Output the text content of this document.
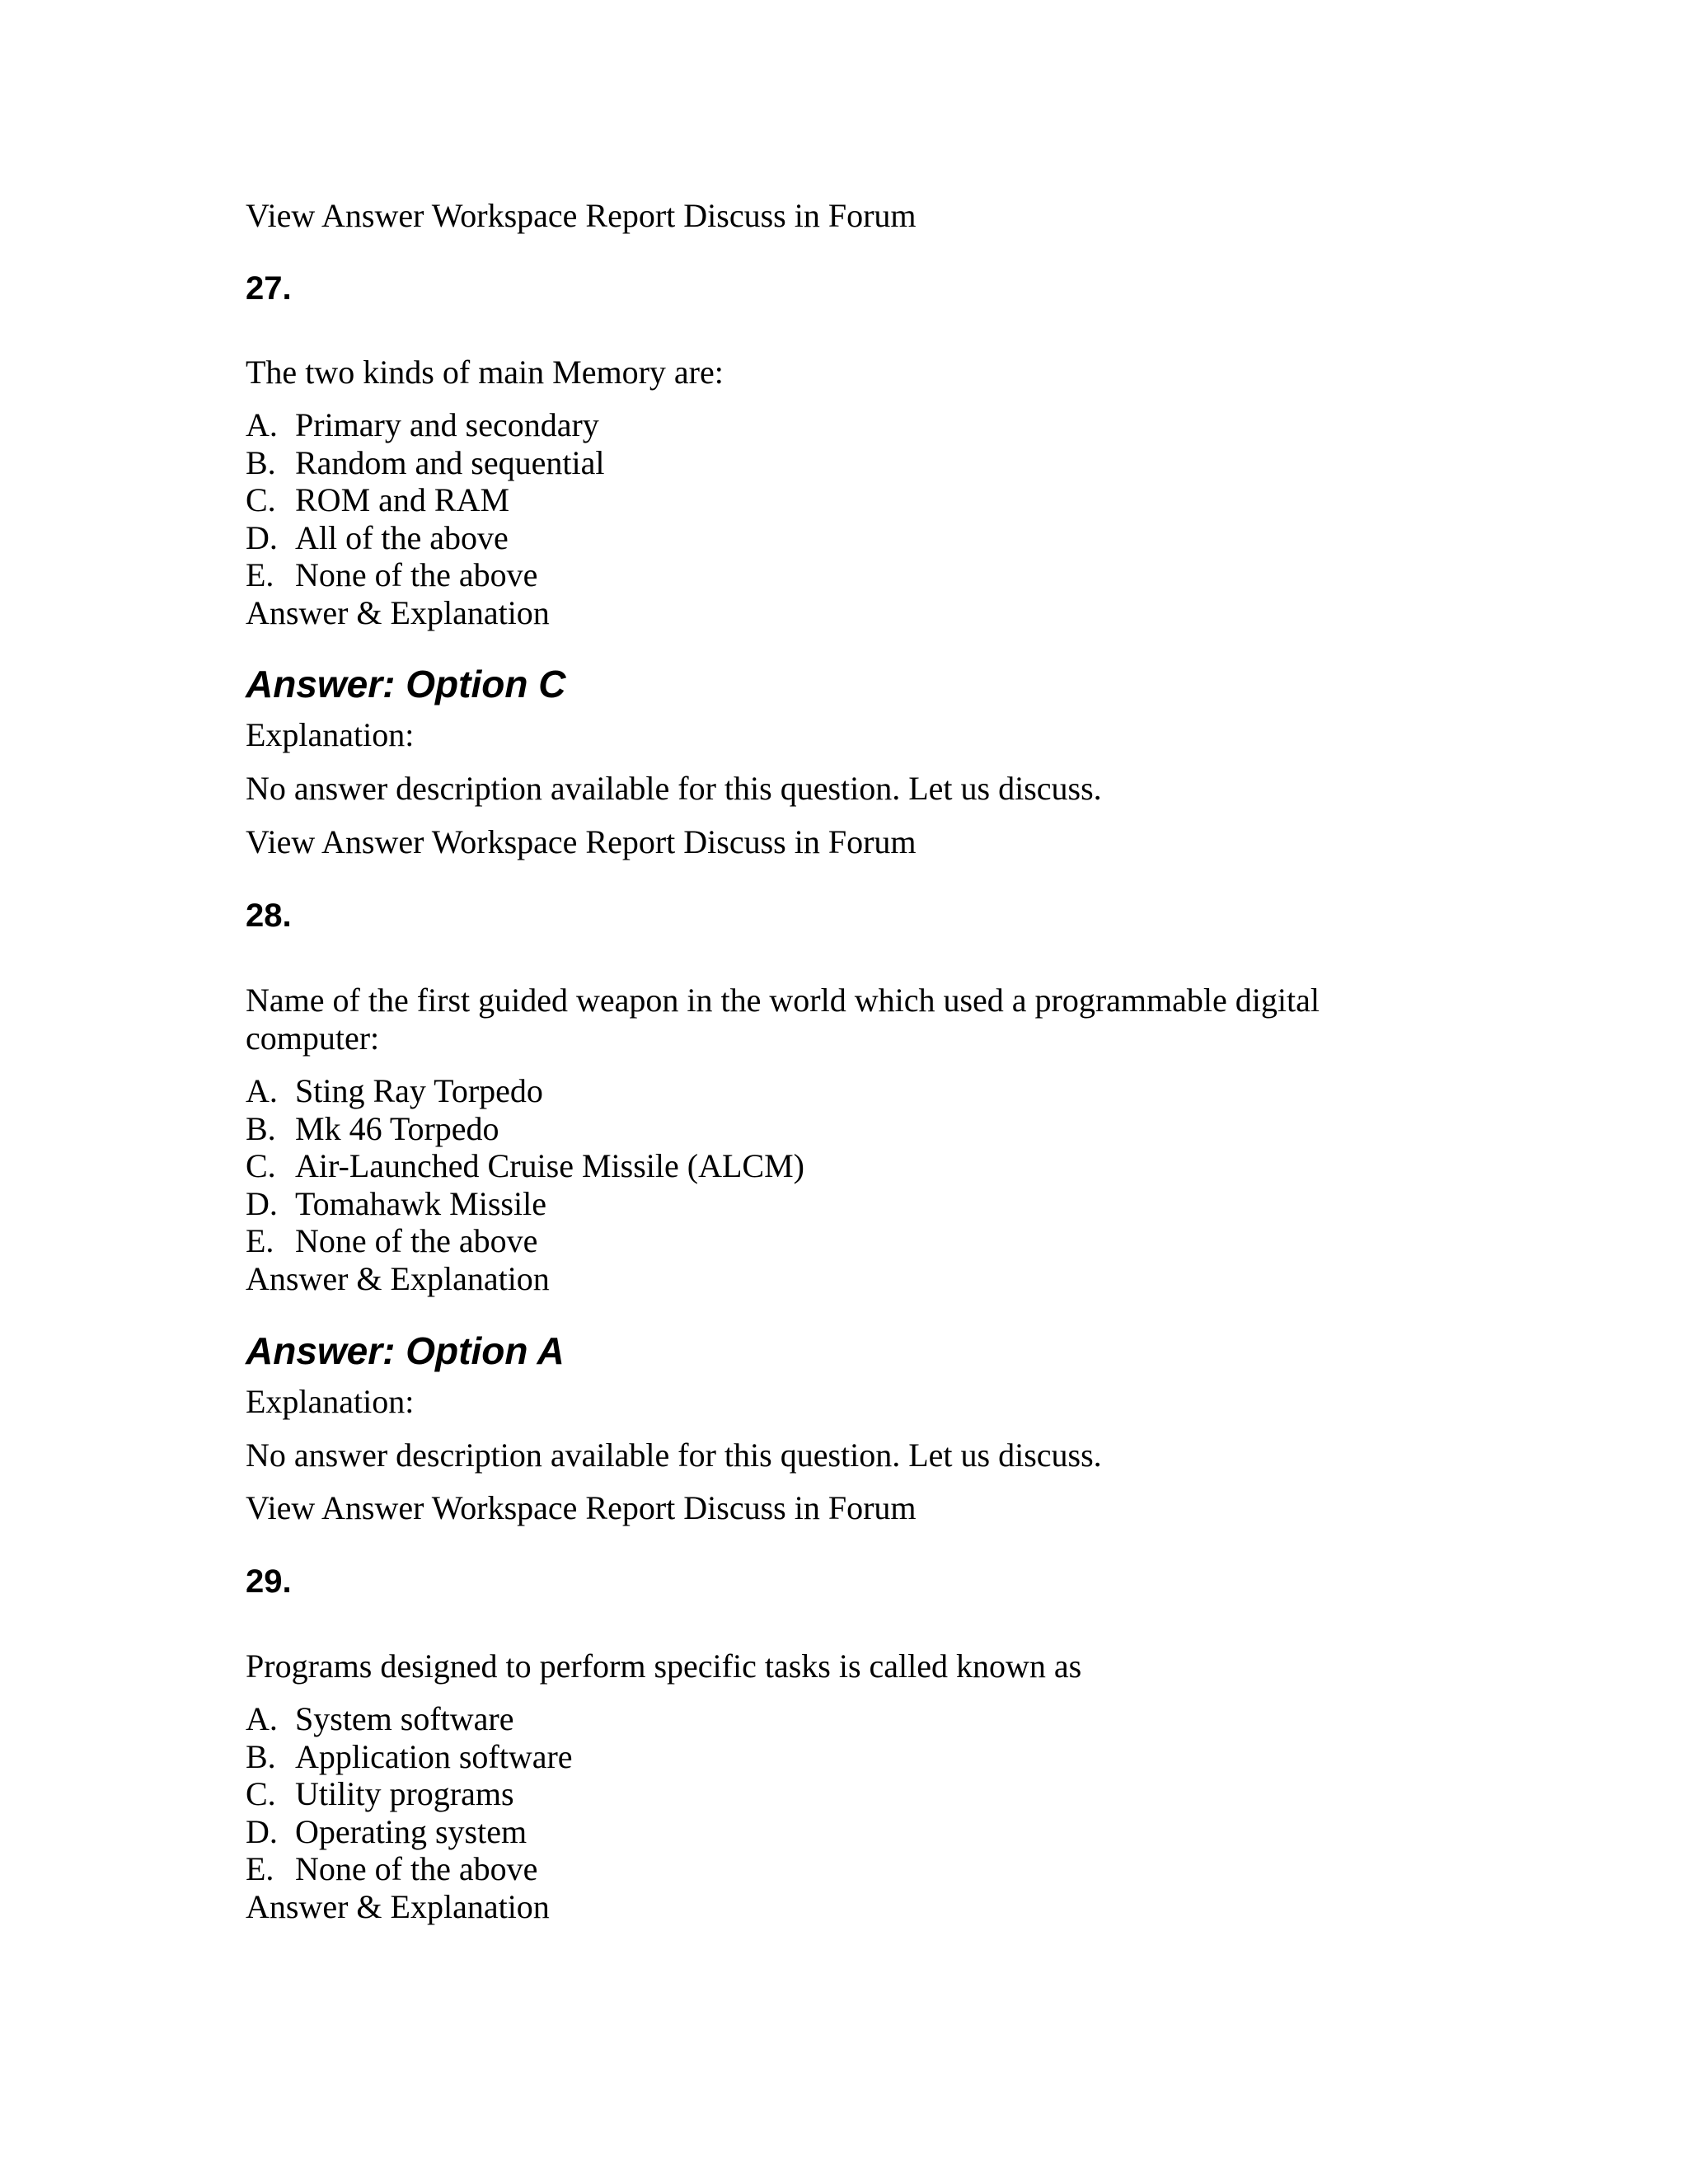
View Answer Workspace Report Discuss in Forum
27.
The two kinds of main Memory are:
A. Primary and secondary
B. Random and sequential
C. ROM and RAM
D. All of the above
E. None of the above
Answer & Explanation
Answer: Option C
Explanation:
No answer description available for this question. Let us discuss.
View Answer Workspace Report Discuss in Forum
28.
Name of the first guided weapon in the world which used a programmable digital
computer:
A. Sting Ray Torpedo
B. Mk 46 Torpedo
C. Air-Launched Cruise Missile (ALCM)
D. Tomahawk Missile
E. None of the above
Answer & Explanation
Answer: Option A
Explanation:
No answer description available for this question. Let us discuss.
View Answer Workspace Report Discuss in Forum
29.
Programs designed to perform specific tasks is called known as
A. System software
B. Application software
C. Utility programs
D. Operating system
E. None of the above
Answer & Explanation
